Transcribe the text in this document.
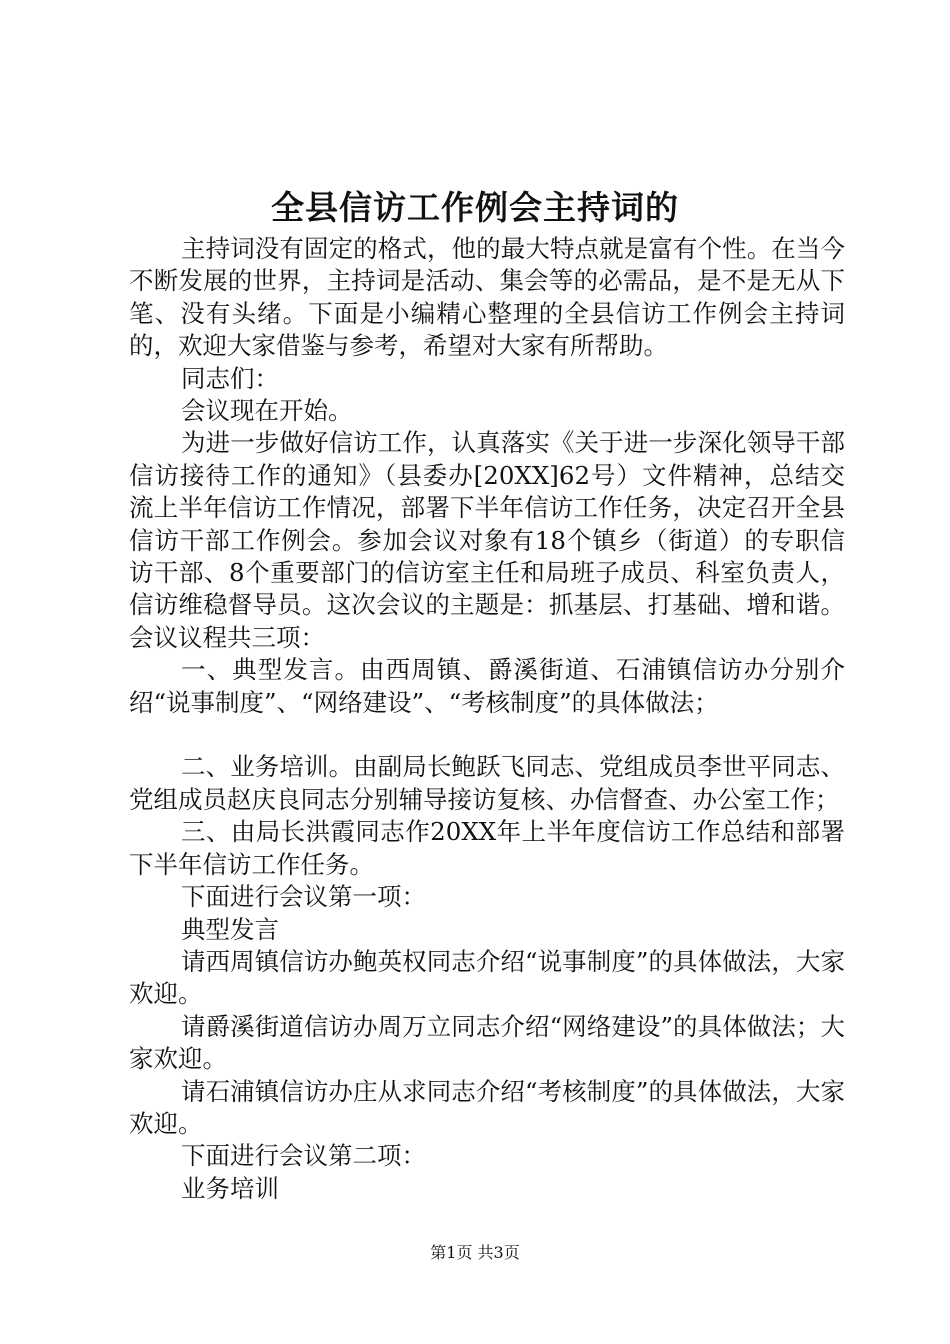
全县信访工作例会主持词的

主持词没有固定的格式，他的最大特点就是富有个性。在当今不断发展的世界，主持词是活动、集会等的必需品，是不是无从下笔、没有头绪。下面是小编精心整理的全县信访工作例会主持词的，欢迎大家借鉴与参考，希望对大家有所帮助。

同志们：

会议现在开始。

为进一步做好信访工作，认真落实《关于进一步深化领导干部信访接待工作的通知》（县委办[20XX]62号）文件精神，总结交流上半年信访工作情况，部署下半年信访工作任务，决定召开全县信访干部工作例会。参加会议对象有18个镇乡（街道）的专职信访干部、8个重要部门的信访室主任和局班子成员、科室负责人，信访维稳督导员。这次会议的主题是：抓基层、打基础、增和谐。会议议程共三项：

一、典型发言。由西周镇、爵溪街道、石浦镇信访办分别介绍“说事制度”、“网络建设”、“考核制度”的具体做法；

二、业务培训。由副局长鲍跃飞同志、党组成员李世平同志、党组成员赵庆良同志分别辅导接访复核、办信督查、办公室工作；

三、由局长洪霞同志作20XX年上半年度信访工作总结和部署下半年信访工作任务。

下面进行会议第一项：

典型发言

请西周镇信访办鲍英权同志介绍“说事制度”的具体做法，大家欢迎。

请爵溪街道信访办周万立同志介绍“网络建设”的具体做法；大家欢迎。

请石浦镇信访办庄从求同志介绍“考核制度”的具体做法，大家欢迎。

下面进行会议第二项：

业务培训

第1页 共3页
